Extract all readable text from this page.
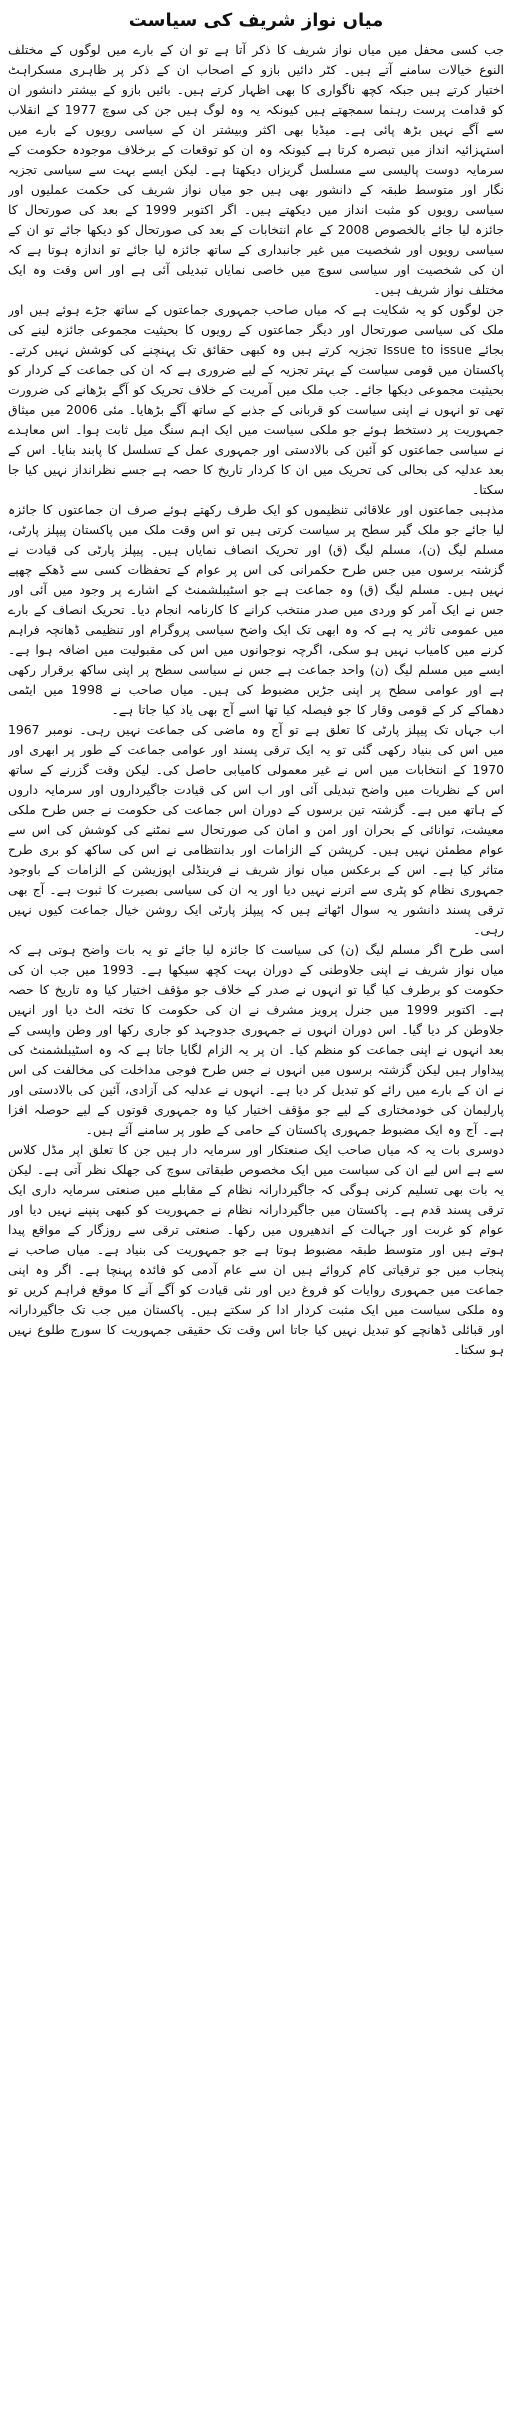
میاں نواز شریف کی سیاست

جب کسی محفل میں میاں نواز شریف کا ذکر آتا ہے تو ان کے بارے میں لوگوں کے مختلف النوع خیالات سامنے آتے ہیں۔ کٹر دائیں بازو کے اصحاب ان کے ذکر پر ظاہری مسکراہٹ اختیار کرتے ہیں جبکہ کچھ ناگواری کا بھی اظہار کرتے ہیں۔ بائیں بازو کے بیشتر دانشور ان کو قدامت پرست رہنما سمجھتے ہیں کیونکہ یہ وہ لوگ ہیں جن کی سوچ 1977 کے انقلاب سے آگے نہیں بڑھ پائی ہے۔ میڈیا بھی اکثر وبیشتر ان کے سیاسی رویوں کے بارے میں استہزائیہ انداز میں تبصرہ کرتا ہے کیونکہ وہ ان کو توقعات کے برخلاف موجودہ حکومت کے سرمایہ دوست پالیسی سے مسلسل گریزاں دیکھتا ہے۔ لیکن ایسے بہت سے سیاسی تجزیہ نگار اور متوسط طبقہ کے دانشور بھی ہیں جو میاں نواز شریف کی حکمت عملیوں اور سیاسی رویوں کو مثبت انداز میں دیکھتے ہیں۔ اگر اکتوبر 1999 کے بعد کی صورتحال کا جائزہ لیا جائے بالخصوص 2008 کے عام انتخابات کے بعد کی صورتحال کو دیکھا جائے تو ان کے سیاسی رویوں اور شخصیت میں غیر جانبداری کے ساتھ جائزہ لیا جائے تو اندازہ ہوتا ہے کہ ان کی شخصیت اور سیاسی سوچ میں خاصی نمایاں تبدیلی آئی ہے اور اس وقت وہ ایک مختلف نواز شریف ہیں۔

جن لوگوں کو یہ شکایت ہے کہ میاں صاحب جمہوری جماعتوں کے ساتھ جڑے ہوئے ہیں اور ملک کی سیاسی صورتحال اور دیگر جماعتوں کے رویوں کا بحیثیت مجموعی جائزہ لینے کی بجائے Issue to issue تجزیہ کرتے ہیں وہ کبھی حقائق تک پہنچنے کی کوشش نہیں کرتے۔ پاکستان میں قومی سیاست کے بہتر تجزیہ کے لیے ضروری ہے کہ ان کی جماعت کے کردار کو بحیثیت مجموعی دیکھا جائے۔ جب ملک میں آمریت کے خلاف تحریک کو آگے بڑھانے کی ضرورت تھی تو انہوں نے اپنی سیاست کو قربانی کے جذبے کے ساتھ آگے بڑھایا۔ مئی 2006 میں میثاق جمہوریت پر دستخط ہوئے جو ملکی سیاست میں ایک اہم سنگ میل ثابت ہوا۔ اس معاہدے نے سیاسی جماعتوں کو آئین کی بالادستی اور جمہوری عمل کے تسلسل کا پابند بنایا۔ اس کے بعد عدلیہ کی بحالی کی تحریک میں ان کا کردار تاریخ کا حصہ ہے جسے نظرانداز نہیں کیا جا سکتا۔

مذہبی جماعتوں اور علاقائی تنظیموں کو ایک طرف رکھتے ہوئے صرف ان جماعتوں کا جائزہ لیا جائے جو ملک گیر سطح پر سیاست کرتی ہیں تو اس وقت ملک میں پاکستان پیپلز پارٹی، مسلم لیگ (ن)، مسلم لیگ (ق) اور تحریک انصاف نمایاں ہیں۔ پیپلز پارٹی کی قیادت نے گزشتہ برسوں میں جس طرح حکمرانی کی اس پر عوام کے تحفظات کسی سے ڈھکے چھپے نہیں ہیں۔ مسلم لیگ (ق) وہ جماعت ہے جو اسٹیبلشمنٹ کے اشارے پر وجود میں آئی اور جس نے ایک آمر کو وردی میں صدر منتخب کرانے کا کارنامہ انجام دیا۔ تحریک انصاف کے بارے میں عمومی تاثر یہ ہے کہ وہ ابھی تک ایک واضح سیاسی پروگرام اور تنظیمی ڈھانچہ فراہم کرنے میں کامیاب نہیں ہو سکی، اگرچہ نوجوانوں میں اس کی مقبولیت میں اضافہ ہوا ہے۔ ایسے میں مسلم لیگ (ن) واحد جماعت ہے جس نے سیاسی سطح پر اپنی ساکھ برقرار رکھی ہے اور عوامی سطح پر اپنی جڑیں مضبوط کی ہیں۔ میاں صاحب نے 1998 میں ایٹمی دھماکے کر کے قومی وقار کا جو فیصلہ کیا تھا اسے آج بھی یاد کیا جاتا ہے۔

اب جہاں تک پیپلز پارٹی کا تعلق ہے تو آج وہ ماضی کی جماعت نہیں رہی۔ نومبر 1967 میں اس کی بنیاد رکھی گئی تو یہ ایک ترقی پسند اور عوامی جماعت کے طور پر ابھری اور 1970 کے انتخابات میں اس نے غیر معمولی کامیابی حاصل کی۔ لیکن وقت گزرنے کے ساتھ اس کے نظریات میں واضح تبدیلی آئی اور اب اس کی قیادت جاگیرداروں اور سرمایہ داروں کے ہاتھ میں ہے۔ گزشتہ تین برسوں کے دوران اس جماعت کی حکومت نے جس طرح ملکی معیشت، توانائی کے بحران اور امن و امان کی صورتحال سے نمٹنے کی کوشش کی اس سے عوام مطمئن نہیں ہیں۔ کرپشن کے الزامات اور بدانتظامی نے اس کی ساکھ کو بری طرح متاثر کیا ہے۔ اس کے برعکس میاں نواز شریف نے فرینڈلی اپوزیشن کے الزامات کے باوجود جمہوری نظام کو پٹری سے اترنے نہیں دیا اور یہ ان کی سیاسی بصیرت کا ثبوت ہے۔ آج بھی ترقی پسند دانشور یہ سوال اٹھاتے ہیں کہ پیپلز پارٹی ایک روشن خیال جماعت کیوں نہیں رہی۔

اسی طرح اگر مسلم لیگ (ن) کی سیاست کا جائزہ لیا جائے تو یہ بات واضح ہوتی ہے کہ میاں نواز شریف نے اپنی جلاوطنی کے دوران بہت کچھ سیکھا ہے۔ 1993 میں جب ان کی حکومت کو برطرف کیا گیا تو انہوں نے صدر کے خلاف جو مؤقف اختیار کیا وہ تاریخ کا حصہ ہے۔ اکتوبر 1999 میں جنرل پرویز مشرف نے ان کی حکومت کا تختہ الٹ دیا اور انہیں جلاوطن کر دیا گیا۔ اس دوران انہوں نے جمہوری جدوجہد کو جاری رکھا اور وطن واپسی کے بعد انہوں نے اپنی جماعت کو منظم کیا۔ ان پر یہ الزام لگایا جاتا ہے کہ وہ اسٹیبلشمنٹ کی پیداوار ہیں لیکن گزشتہ برسوں میں انہوں نے جس طرح فوجی مداخلت کی مخالفت کی اس نے ان کے بارے میں رائے کو تبدیل کر دیا ہے۔ انہوں نے عدلیہ کی آزادی، آئین کی بالادستی اور پارلیمان کی خودمختاری کے لیے جو مؤقف اختیار کیا وہ جمہوری قوتوں کے لیے حوصلہ افزا ہے۔ آج وہ ایک مضبوط جمہوری پاکستان کے حامی کے طور پر سامنے آئے ہیں۔

دوسری بات یہ کہ میاں صاحب ایک صنعتکار اور سرمایہ دار ہیں جن کا تعلق اپر مڈل کلاس سے ہے اس لیے ان کی سیاست میں ایک مخصوص طبقاتی سوچ کی جھلک نظر آتی ہے۔ لیکن یہ بات بھی تسلیم کرنی ہوگی کہ جاگیردارانہ نظام کے مقابلے میں صنعتی سرمایہ داری ایک ترقی پسند قدم ہے۔ پاکستان میں جاگیردارانہ نظام نے جمہوریت کو کبھی پنپنے نہیں دیا اور عوام کو غربت اور جہالت کے اندھیروں میں رکھا۔ صنعتی ترقی سے روزگار کے مواقع پیدا ہوتے ہیں اور متوسط طبقہ مضبوط ہوتا ہے جو جمہوریت کی بنیاد ہے۔ میاں صاحب نے پنجاب میں جو ترقیاتی کام کروائے ہیں ان سے عام آدمی کو فائدہ پہنچا ہے۔ اگر وہ اپنی جماعت میں جمہوری روایات کو فروغ دیں اور نئی قیادت کو آگے آنے کا موقع فراہم کریں تو وہ ملکی سیاست میں ایک مثبت کردار ادا کر سکتے ہیں۔ پاکستان میں جب تک جاگیردارانہ اور قبائلی ڈھانچے کو تبدیل نہیں کیا جاتا اس وقت تک حقیقی جمہوریت کا سورج طلوع نہیں ہو سکتا۔
